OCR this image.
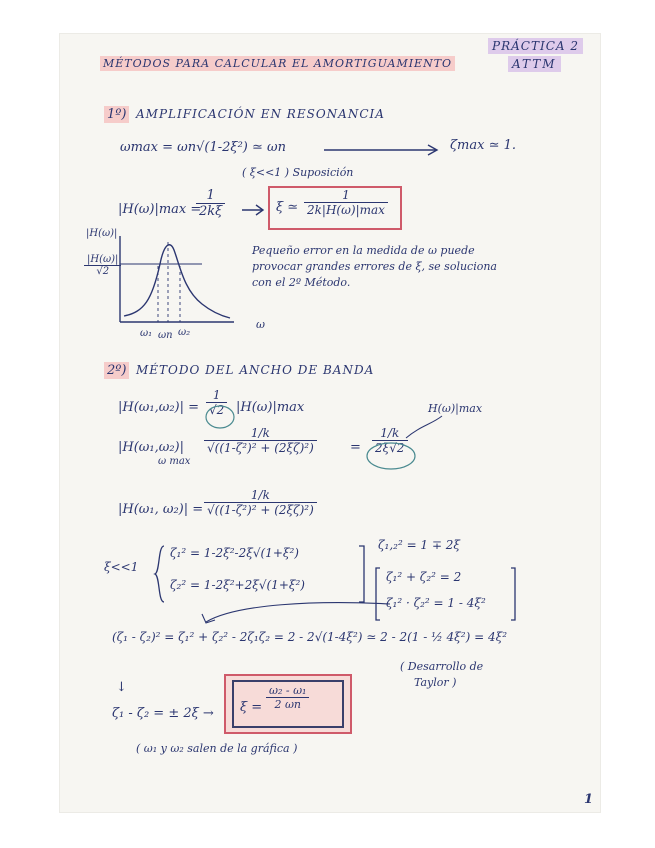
MÉTODOS PARA CALCULAR EL AMORTIGUAMIENTO
PRÁCTICA 2
ATTM
1º) AMPLIFICACIÓN EN RESONANCIA
ωmax = ωn√(1-2ξ²) ≃ ωn	ζmax ≃ 1.
( ξ<<1 ) Suposición
|H(ω)|max =
$\frac{1}{2k\xi}$	ξ ≃ $\frac{1}{2k|H(\omega)|\max}$
|H(ω)|
$\frac{|H(\omega)|}{√2}$
ω
ω₁ ωn ω₂
Pequeño error en la medida de ω puede
provocar grandes errores de ξ, se soluciona
con el 2º Método.
2º) MÉTODO DEL ANCHO DE BANDA
$|H(\omega_1,\omega_2)| = \frac{1}{√2} |H(\omega)|\max$	H(ω)|max
|H(ω₁,ω₂)|
ω max
$\frac{1/k}{\text{√((1-ζ²)² + (2ξζ)²)}}$	= $\frac{1/k}{2\xi√2}$
|H(ω₁, $\omega_2)| = \frac{1/k}{\text{√((1-ζ²)² + (2ξζ)²)}}$
ξ<<1
ζ₁² = 1-2ξ²-2ξ√(1+ξ²)
ζ₂² = 1-2ξ²+2ξ√(1+ξ²)
ζ₁,₂² = 1 ∓ 2ξ
ζ₁² + ζ₂² = 2
ζ₁² · ζ₂² = 1 - 4ξ²
(ζ₁ - ζ₂)² = ζ₁² + ζ₂² - 2ζ₁ζ₂ = 2 - 2√(1-4ξ²) ≃ 2 - 2(1 - ½ 4ξ²) = 4ξ²
( Desarrollo de
Taylor )
↓
ζ₁ - ζ₂ = ± $2\xi \to \xi = \frac{\text{ω₂ - ω₁}}{2 \omega n}$
( ω₁ y ω₂ salen de la gráfica )
1
